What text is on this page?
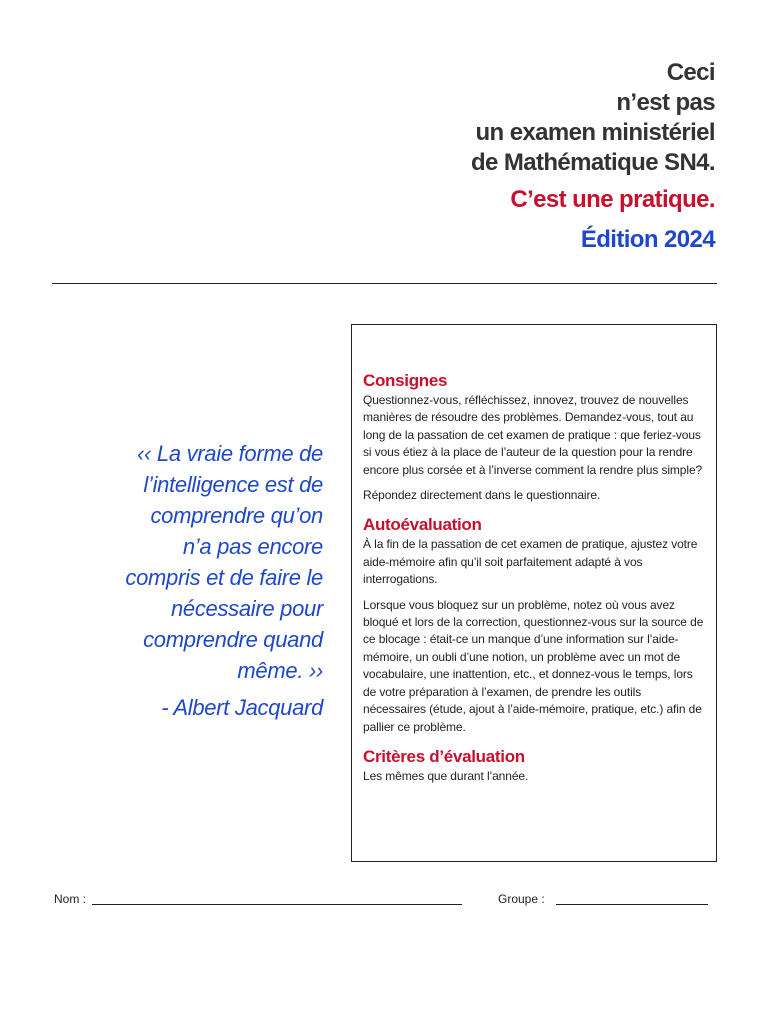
Ceci
n’est pas
un examen ministériel
de Mathématique SN4.
C’est une pratique.
Édition 2024
‹‹ La vraie forme de
l’intelligence est de
comprendre qu’on
n’a pas encore
compris et de faire le
nécessaire pour
comprendre quand
même. ››
- Albert Jacquard
Consignes

Questionnez-vous, réfléchissez, innovez, trouvez de nouvelles manières de résoudre des problèmes. Demandez-vous, tout au long de la passation de cet examen de pratique : que feriez-vous si vous étiez à la place de l’auteur de la question pour la rendre encore plus corsée et à l’inverse comment la rendre plus simple?

Répondez directement dans le questionnaire.

Autoévaluation

À la fin de la passation de cet examen de pratique, ajustez votre aide-mémoire afin qu’il soit parfaitement adapté à vos interrogations.

Lorsque vous bloquez sur un problème, notez où vous avez bloqué et lors de la correction, questionnez-vous sur la source de ce blocage : était-ce un manque d’une information sur l’aide-mémoire, un oubli d’une notion, un problème avec un mot de vocabulaire, une inattention, etc., et donnez-vous le temps, lors de votre préparation à l’examen, de prendre les outils nécessaires (étude, ajout à l’aide-mémoire, pratique, etc.) afin de pallier ce problème.

Critères d’évaluation

Les mêmes que durant l’année.

Nom :	Groupe :
